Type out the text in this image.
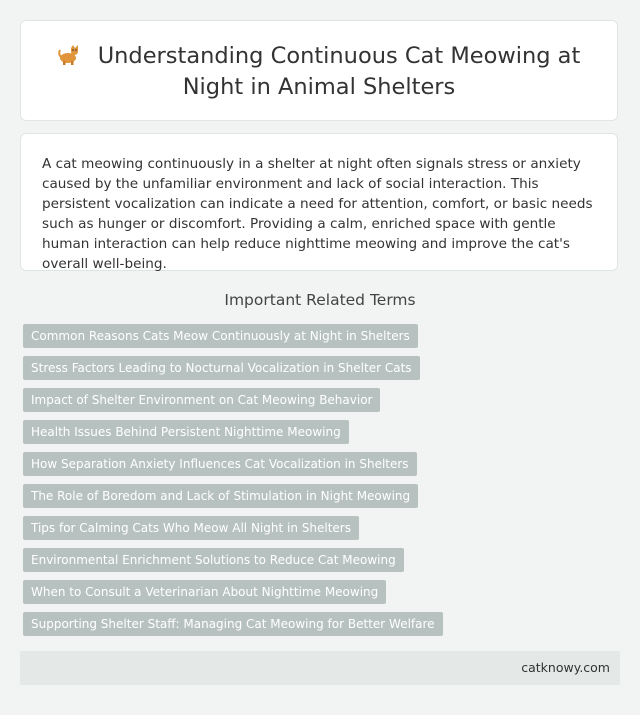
Understanding Continuous Cat Meowing at Night in Animal Shelters

A cat meowing continuously in a shelter at night often signals stress or anxiety caused by the unfamiliar environment and lack of social interaction. This persistent vocalization can indicate a need for attention, comfort, or basic needs such as hunger or discomfort. Providing a calm, enriched space with gentle human interaction can help reduce nighttime meowing and improve the cat's overall well-being.

Important Related Terms
Common Reasons Cats Meow Continuously at Night in Shelters
Stress Factors Leading to Nocturnal Vocalization in Shelter Cats
Impact of Shelter Environment on Cat Meowing Behavior
Health Issues Behind Persistent Nighttime Meowing
How Separation Anxiety Influences Cat Vocalization in Shelters
The Role of Boredom and Lack of Stimulation in Night Meowing
Tips for Calming Cats Who Meow All Night in Shelters
Environmental Enrichment Solutions to Reduce Cat Meowing
When to Consult a Veterinarian About Nighttime Meowing
Supporting Shelter Staff: Managing Cat Meowing for Better Welfare
catknowy.com
